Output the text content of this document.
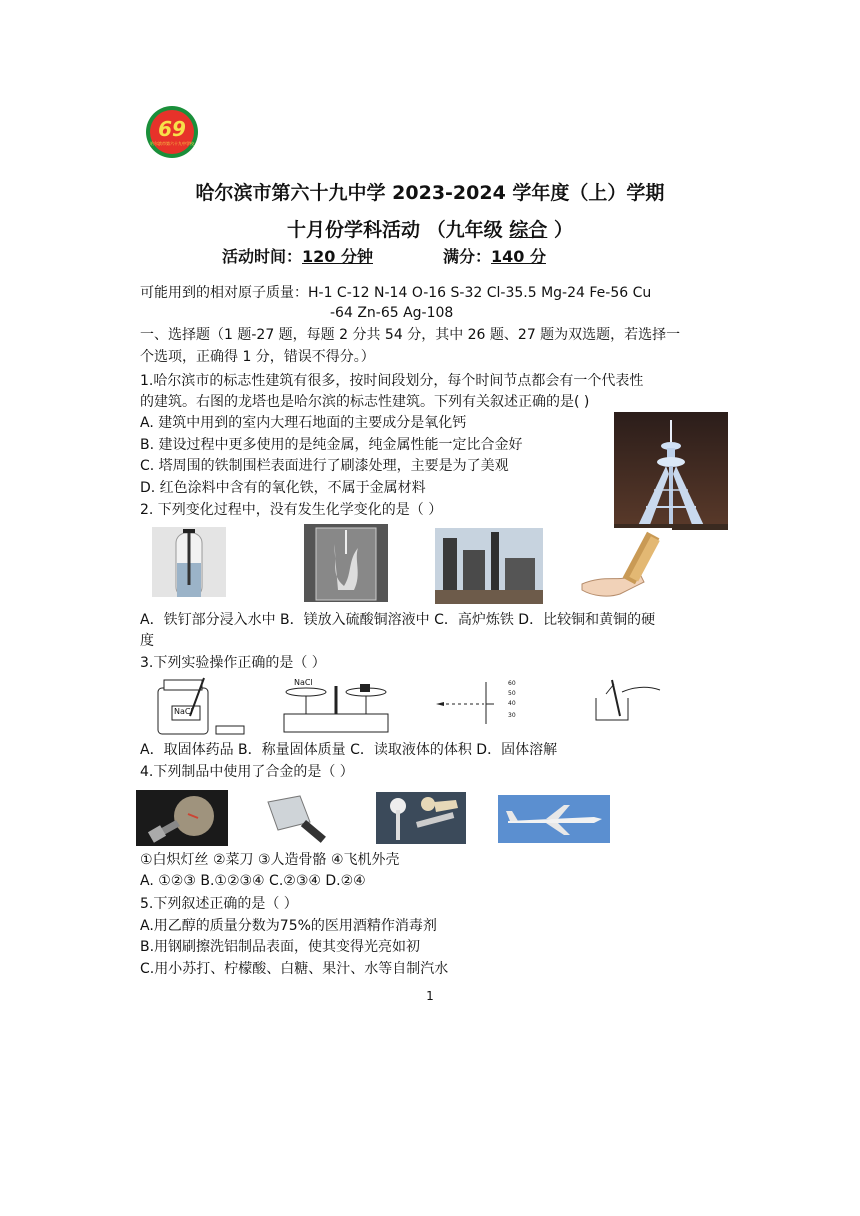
69
哈尔滨市第六十九中学校
哈尔滨市第六十九中学 2023-2024 学年度（上）学期
十月份学科活动 （九年级 综合 ）
活动时间：120 分钟	满分：140 分
可能用到的相对原子质量：H-1 C-12 N-14 O-16 S-32 Cl-35.5 Mg-24 Fe-56 Cu
-64 Zn-65 Ag-108
一、选择题（1 题-27 题，每题 2 分共 54 分，其中 26 题、27 题为双选题，若选择一
个选项，正确得 1 分，错误不得分。）
1.哈尔滨市的标志性建筑有很多，按时间段划分，每个时间节点都会有一个代表性
的建筑。右图的龙塔也是哈尔滨的标志性建筑。下列有关叙述正确的是( )
A. 建筑中用到的室内大理石地面的主要成分是氧化钙
B. 建设过程中更多使用的是纯金属，纯金属性能一定比合金好
C. 塔周围的铁制围栏表面进行了刷漆处理，主要是为了美观
D. 红色涂料中含有的氧化铁，不属于金属材料
2. 下列变化过程中，没有发生化学变化的是（ ）
A．铁钉部分浸入水中 B．镁放入硫酸铜溶液中 C．高炉炼铁 D．比较铜和黄铜的硬
度
3.下列实验操作正确的是（ ）
NaCl
NaCl	60
50
40
30
A．取固体药品 B．称量固体质量 C．读取液体的体积 D．固体溶解
4.下列制品中使用了合金的是（ ）
①白炽灯丝 ②菜刀 ③人造骨骼 ④飞机外壳
A. ①②③ B.①②③④ C.②③④ D.②④
5.下列叙述正确的是（ ）
A.用乙醇的质量分数为75%的医用酒精作消毒剂
B.用钢刷擦洗铝制品表面，使其变得光亮如初
C.用小苏打、柠檬酸、白糖、果汁、水等自制汽水
1
